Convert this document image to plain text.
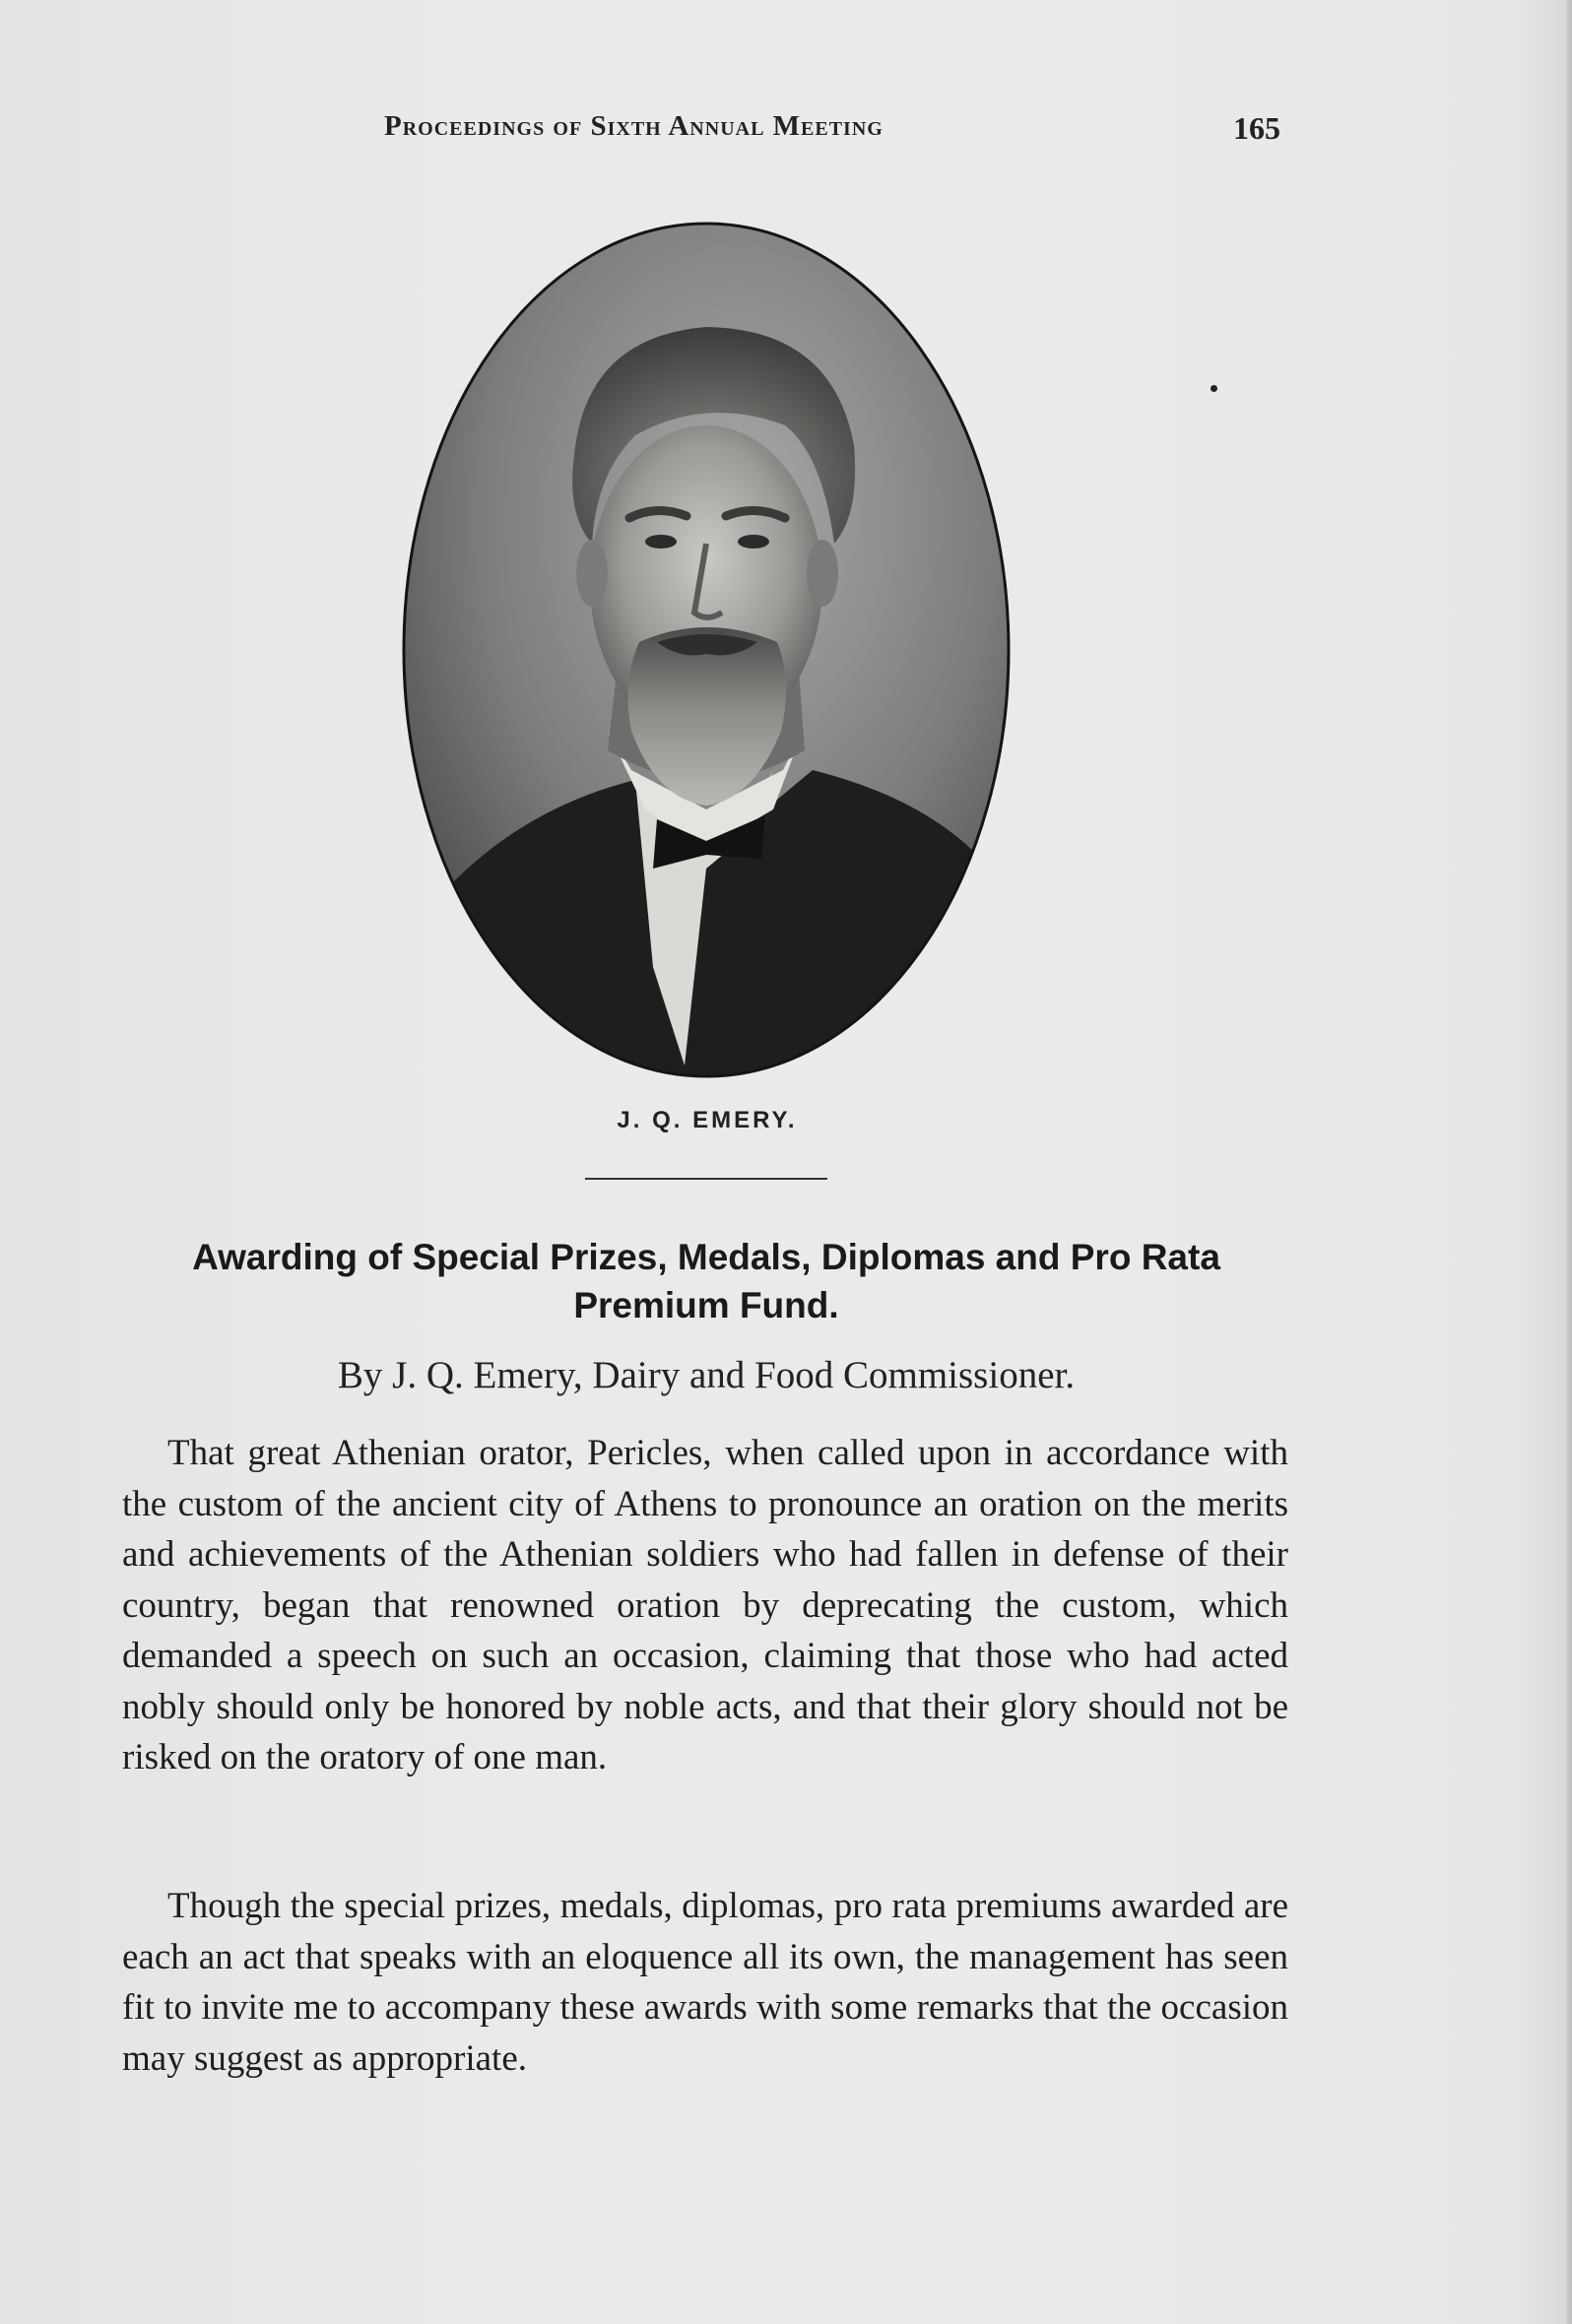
Proceedings of Sixth Annual Meeting	165
J. Q. EMERY.
Awarding of Special Prizes, Medals, Diplomas and Pro Rata Premium Fund.
By J. Q. Emery, Dairy and Food Commissioner.
That great Athenian orator, Pericles, when called upon in accordance with the custom of the ancient city of Athens to pronounce an oration on the merits and achievements of the Athenian soldiers who had fallen in defense of their country, began that renowned oration by deprecating the custom, which demanded a speech on such an occasion, claiming that those who had acted nobly should only be honored by noble acts, and that their glory should not be risked on the oratory of one man.
Though the special prizes, medals, diplomas, pro rata premiums awarded are each an act that speaks with an eloquence all its own, the management has seen fit to invite me to accompany these awards with some remarks that the occasion may suggest as appropriate.
